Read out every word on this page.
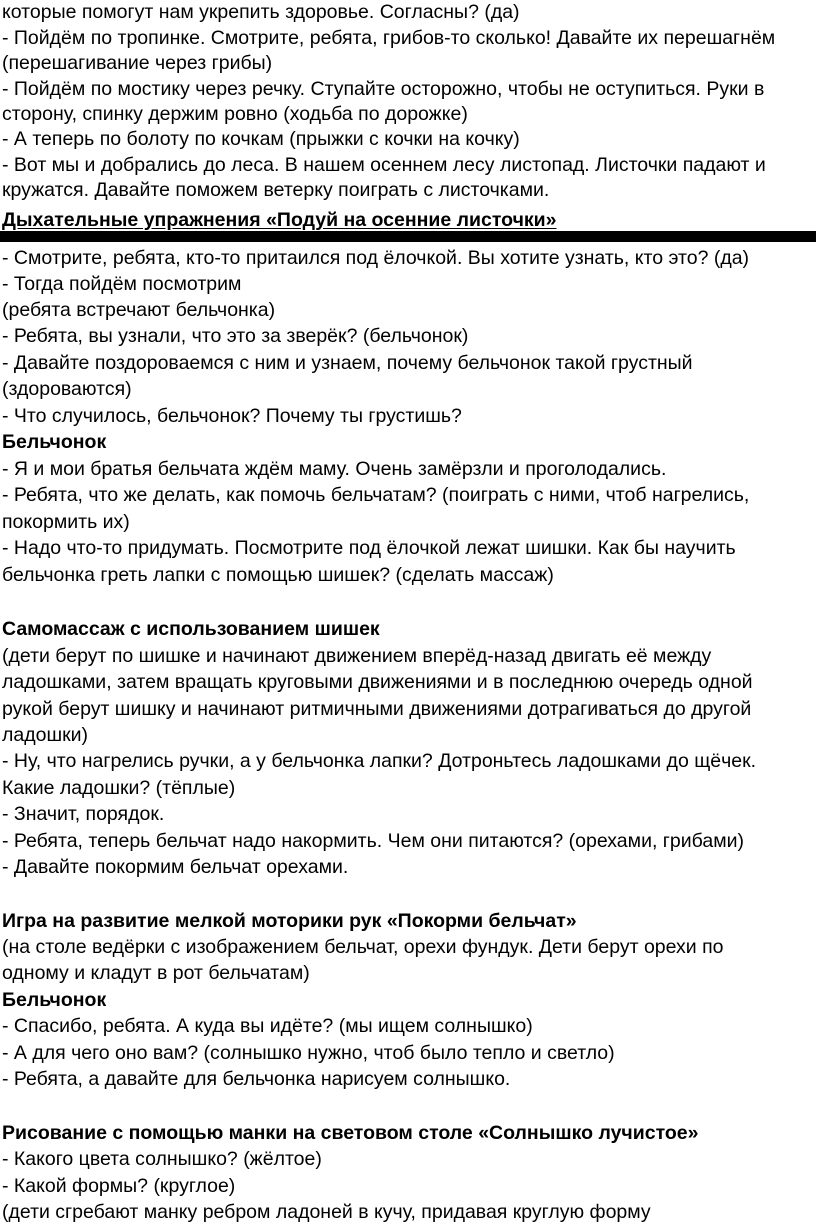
которые помогут нам укрепить здоровье. Согласны? (да)

- Пойдём по тропинке. Смотрите, ребята, грибов-то сколько! Давайте их перешагнём

(перешагивание через грибы)

- Пойдём по мостику через речку. Ступайте осторожно, чтобы не оступиться. Руки в

сторону, спинку держим ровно (ходьба по дорожке)

- А теперь по болоту по кочкам (прыжки с кочки на кочку)

- Вот мы и добрались до леса. В нашем осеннем лесу листопад. Листочки падают и

кружатся. Давайте поможем ветерку поиграть с листочками.

Дыхательные упражнения «Подуй на осенние листочки»

- Смотрите, ребята, кто-то притаился под ёлочкой. Вы хотите узнать, кто это? (да)

- Тогда пойдём посмотрим

(ребята встречают бельчонка)

- Ребята, вы узнали, что это за зверёк? (бельчонок)

- Давайте поздороваемся с ним и узнаем, почему бельчонок такой грустный

(здороваются)

- Что случилось, бельчонок? Почему ты грустишь?

Бельчонок

- Я и мои братья бельчата ждём маму. Очень замёрзли и проголодались.

- Ребята, что же делать, как помочь бельчатам? (поиграть с ними, чтоб нагрелись,

покормить их)

- Надо что-то придумать. Посмотрите под ёлочкой лежат шишки. Как бы научить

бельчонка греть лапки с помощью шишек? (сделать массаж)

Самомассаж с использованием шишек

(дети берут по шишке и начинают движением вперёд-назад двигать её между

ладошками, затем вращать круговыми движениями и в последнюю очередь одной

рукой берут шишку и начинают ритмичными движениями дотрагиваться до другой

ладошки)

- Ну, что нагрелись ручки, а у бельчонка лапки? Дотроньтесь ладошками до щёчек.

Какие ладошки? (тёплые)

- Значит, порядок.

- Ребята, теперь бельчат надо накормить. Чем они питаются? (орехами, грибами)

- Давайте покормим бельчат орехами.

Игра на развитие мелкой моторики рук «Покорми бельчат»

(на столе ведёрки с изображением бельчат, орехи фундук. Дети берут орехи по

одному и кладут в рот бельчатам)

Бельчонок

- Спасибо, ребята. А куда вы идёте? (мы ищем солнышко)

- А для чего оно вам? (солнышко нужно, чтоб было тепло и светло)

- Ребята, а давайте для бельчонка нарисуем солнышко.

Рисование с помощью манки на световом столе «Солнышко лучистое»

- Какого цвета солнышко? (жёлтое)

- Какой формы? (круглое)

(дети сгребают манку ребром ладоней в кучу, придавая круглую форму
